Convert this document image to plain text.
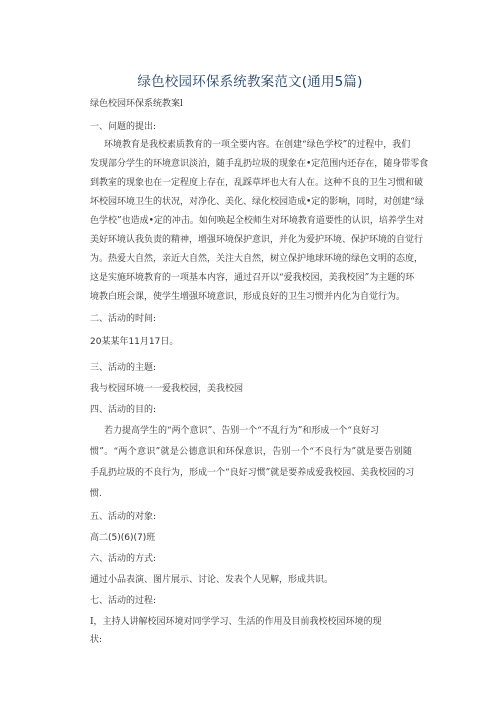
绿色校园环保系统教案范文(通用5篇)
绿色校园环保系统教案l
一、问题的提出:
环境教育是我校素质教育的一项全要内容。在创建“绿色学校”的过程中，我们
发现部分学生的环境意识淡泊，随手乱扔垃圾的现象在•定范围内还存在，随身带零食
到教室的现象也在一定程度上存在，乱踩草坪也大有人在。这种不良的卫生习惯和破
坏校园环境卫生的状况，对净化、美化、绿化校园造成•定的影响，同时，对创建“绿
色学校”也造成•定的冲击。如何唤起全校师生对环境教育道要性的认识，培养学生对
美好环境认我负责的精神，增强环境保护意识，并化为爱护环境、保护环境的自觉行
为。热爱大自然，亲近大自然，关注大自然，树立保护地球环境的绿色文明的态度，
这是实施环境教育的一项基本内容，通过召开以“爱我校园，美我校园”为主题的环
境教白班会课，使学生增强环境意识，形成良好的卫生习惯并内化为自觉行为。
二、活动的时间:
20某某年11月17日。
三、活动的主题:
我与校园环境一一爱我校园，美我校园
四、活动的目的:
若力提高学生的“两个意识”、告别一个“不乱行为”和形成一个“良好习
惯”。“两个意识”就是公德意识和环保意识，告别一个“不良行为”就是要告别随
手乱扔垃圾的不良行为，形成一个“良好习惯”就是要养成爱我校园、美我校园的习
惯.
五、活动的对象:
高二(5)(6)(7)班
六、活动的方式:
通过小品表演、图片展示、讨论、发表个人见解，形成共识。
七、活动的过程:
I，主持人讲解校园环境对同学学习、生活的作用及目前我校校园环境的现
状:
